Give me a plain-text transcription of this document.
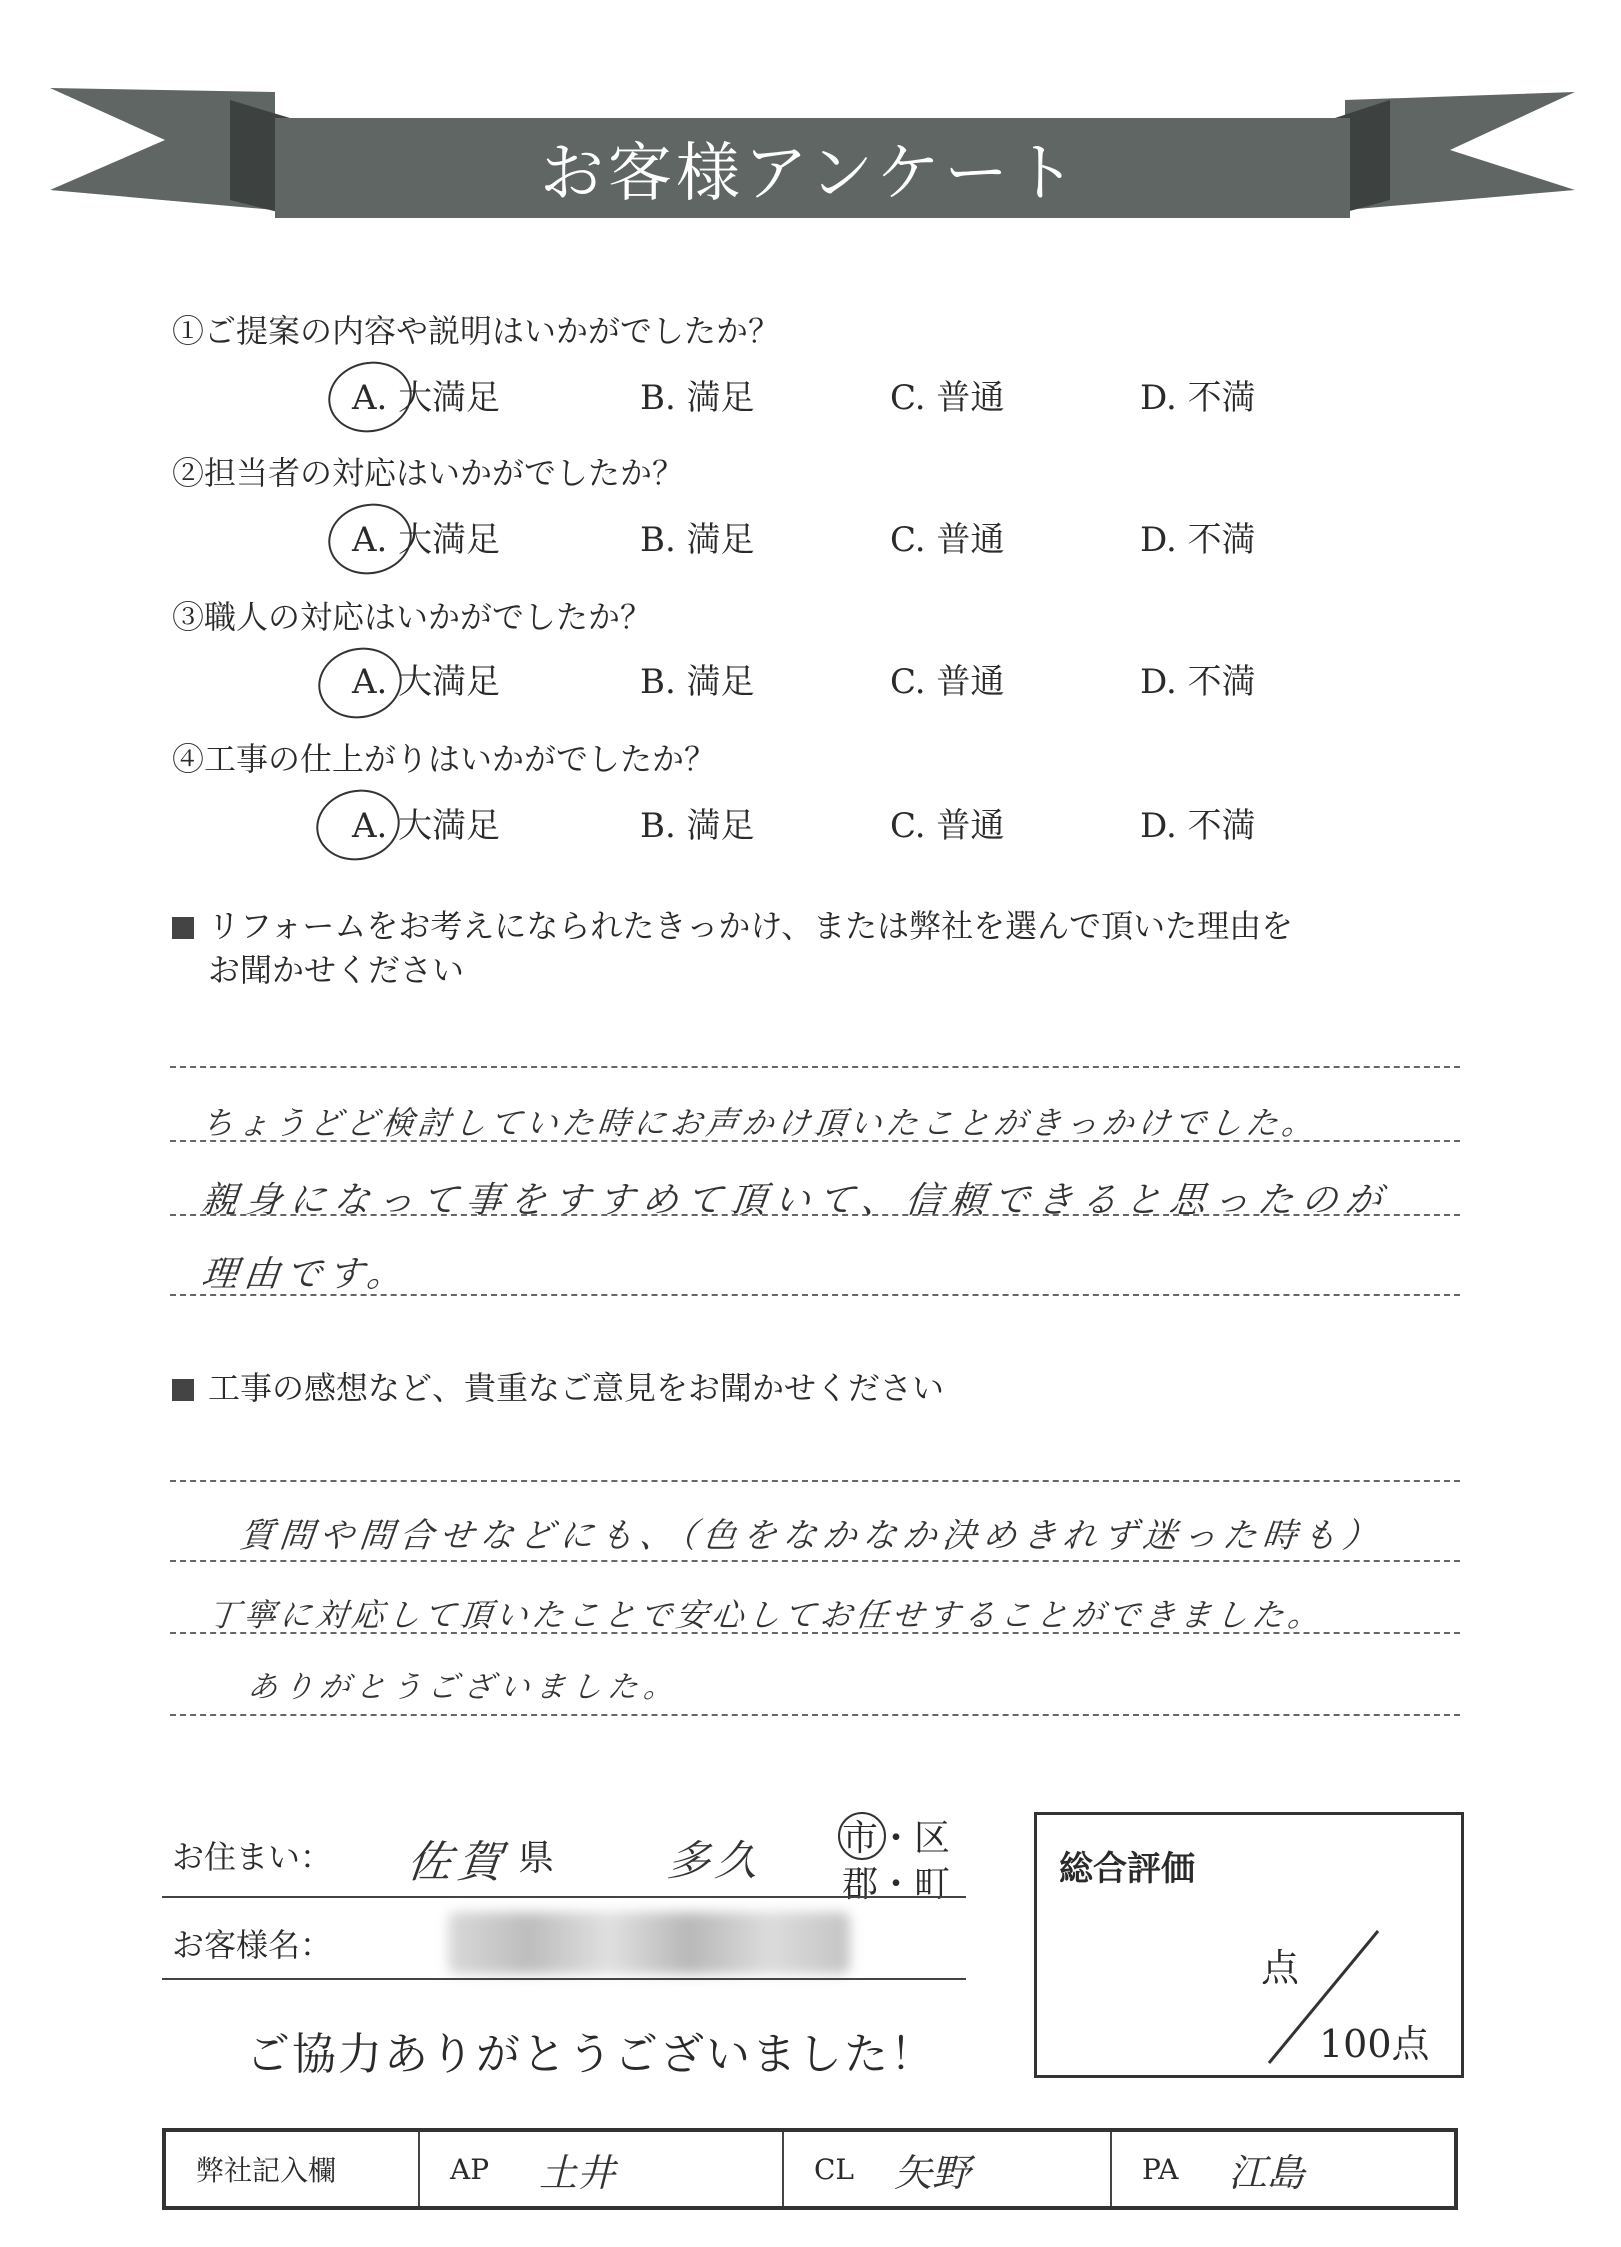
お客様アンケート
①ご提案の内容や説明はいかがでしたか？
A. 大満足	B. 満足	C. 普通	D. 不満
②担当者の対応はいかがでしたか？
A. 大満足	B. 満足	C. 普通	D. 不満
③職人の対応はいかがでしたか？
A. 大満足	B. 満足	C. 普通	D. 不満
④工事の仕上がりはいかがでしたか？
A. 大満足	B. 満足	C. 普通	D. 不満
リフォームをお考えになられたきっかけ、または弊社を選んで頂いた理由を
お聞かせください
ちょうどど検討していた時にお声かけ頂いたことがきっかけでした。
親身になって事をすすめて頂いて、信頼できると思ったのが
理由です。
工事の感想など、貴重なご意見をお聞かせください
質問や問合せなどにも、（色をなかなか決めきれず迷った時も）
丁寧に対応して頂いたことで安心してお任せすることができました。
ありがとうございました。
お住まい： 佐賀 県	多久 市・区
郡・町
お客様名：
ご協力ありがとうございました！
総合評価
点
100点
弊社記入欄	AP 土井	CL 矢野	PA 江島
